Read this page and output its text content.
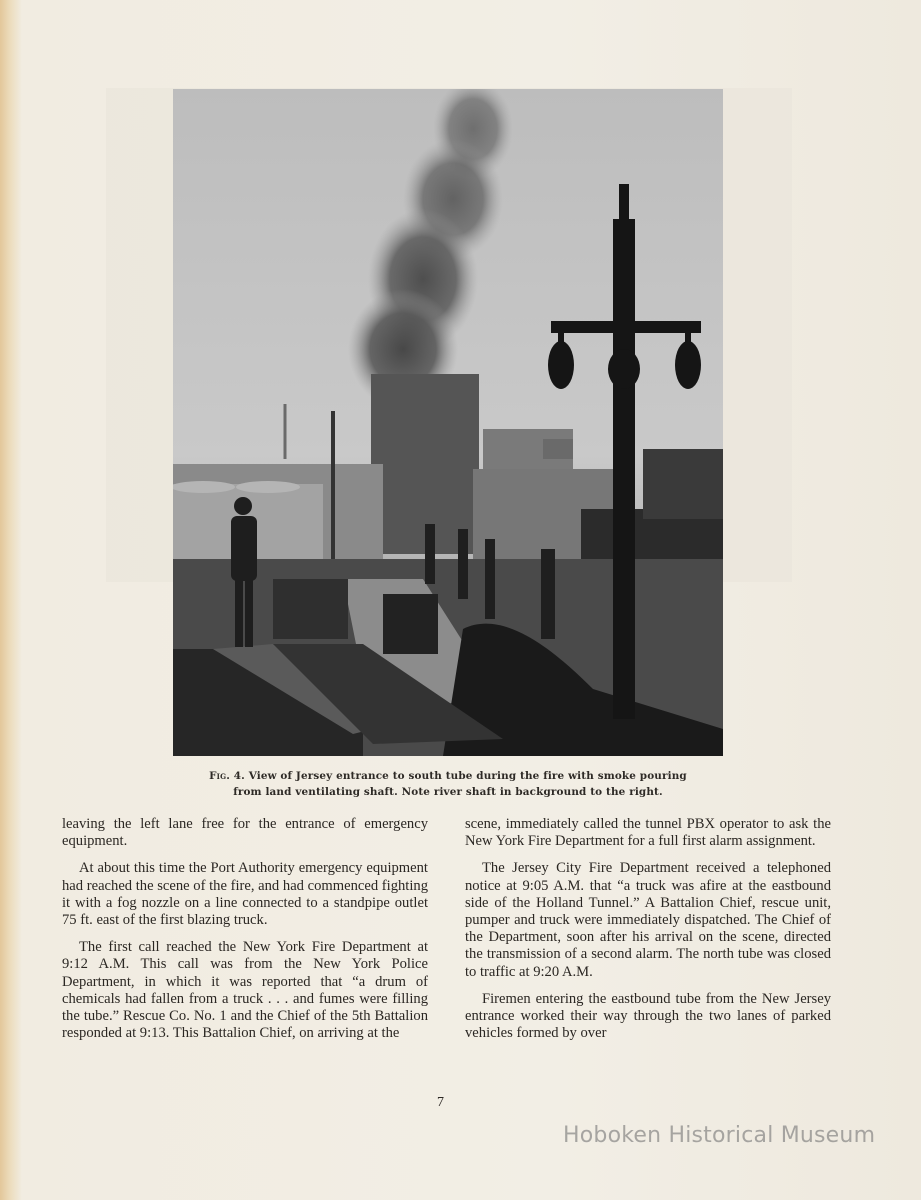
Fig. 4. View of Jersey entrance to south tube during the fire with smoke pouring
from land ventilating shaft. Note river shaft in background to the right.

leaving the left lane free for the entrance of emergency equipment.

At about this time the Port Authority emergency equipment had reached the scene of the fire, and had commenced fighting it with a fog nozzle on a line connected to a standpipe outlet 75 ft. east of the first blazing truck.

The first call reached the New York Fire Department at 9:12 A.M. This call was from the New York Police Department, in which it was reported that “a drum of chemicals had fallen from a truck . . . and fumes were filling the tube.” Rescue Co. No. 1 and the Chief of the 5th Battalion responded at 9:13. This Battalion Chief, on arriving at the

scene, immediately called the tunnel PBX operator to ask the New York Fire Department for a full first alarm assignment.

The Jersey City Fire Department received a telephoned notice at 9:05 A.M. that “a truck was afire at the eastbound side of the Holland Tunnel.” A Battalion Chief, rescue unit, pumper and truck were immediately dispatched. The Chief of the Department, soon after his arrival on the scene, directed the transmission of a second alarm. The north tube was closed to traffic at 9:20 A.M.

Firemen entering the eastbound tube from the New Jersey entrance worked their way through the two lanes of parked vehicles formed by over

7
Hoboken Historical Museum
